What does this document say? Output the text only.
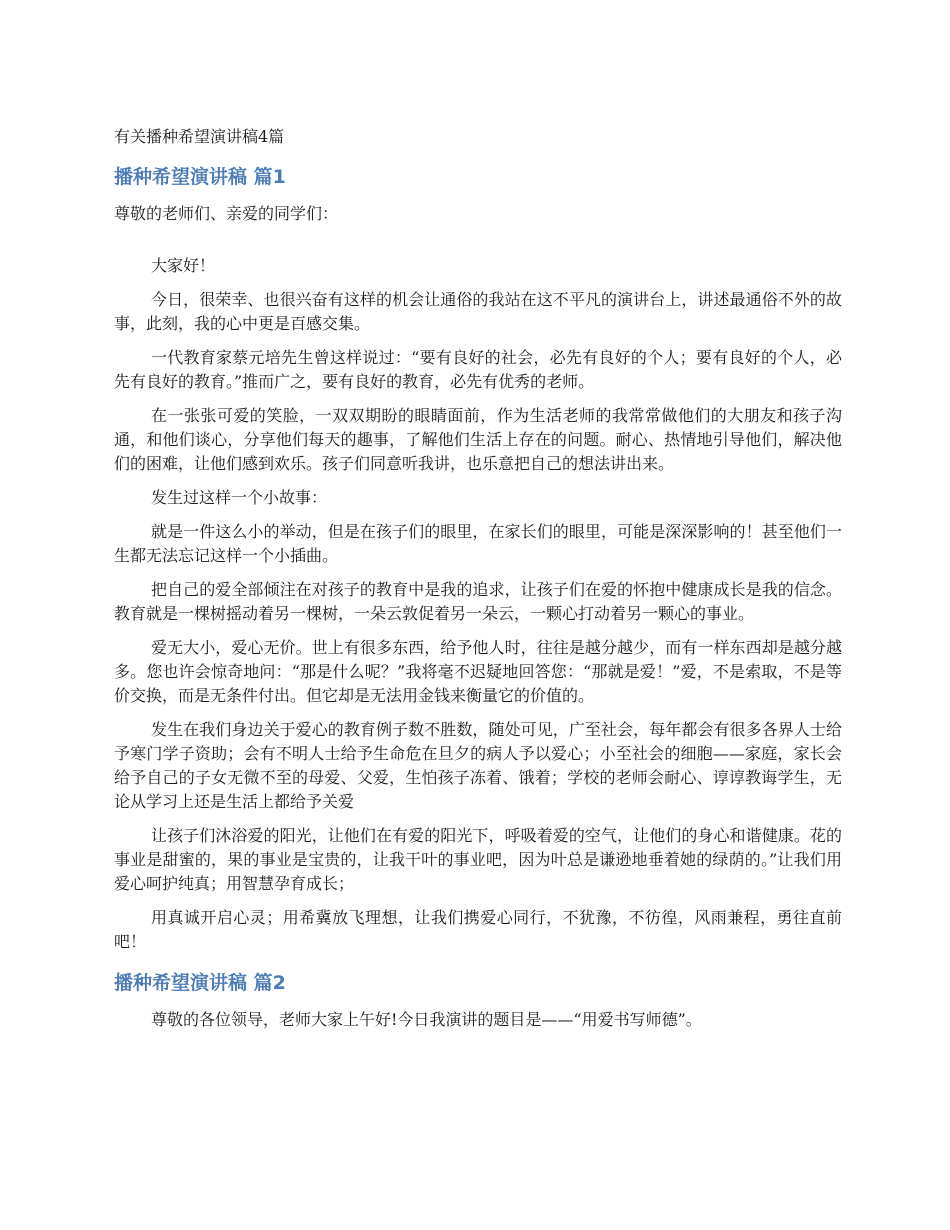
有关播种希望演讲稿4篇
播种希望演讲稿 篇1

尊敬的老师们、亲爱的同学们：

大家好！

今日，很荣幸、也很兴奋有这样的机会让通俗的我站在这不平凡的演讲台上，讲述最通俗不外的故事，此刻，我的心中更是百感交集。

一代教育家蔡元培先生曾这样说过：“要有良好的社会，必先有良好的个人；要有良好的个人，必先有良好的教育。”推而广之，要有良好的教育，必先有优秀的老师。

在一张张可爱的笑脸，一双双期盼的眼睛面前，作为生活老师的我常常做他们的大朋友和孩子沟通，和他们谈心，分享他们每天的趣事，了解他们生活上存在的问题。耐心、热情地引导他们，解决他们的困难，让他们感到欢乐。孩子们同意听我讲，也乐意把自己的想法讲出来。

发生过这样一个小故事：

就是一件这么小的举动，但是在孩子们的眼里，在家长们的眼里，可能是深深影响的！甚至他们一生都无法忘记这样一个小插曲。

把自己的爱全部倾注在对孩子的教育中是我的追求，让孩子们在爱的怀抱中健康成长是我的信念。教育就是一棵树摇动着另一棵树，一朵云敦促着另一朵云，一颗心打动着另一颗心的事业。

爱无大小，爱心无价。世上有很多东西，给予他人时，往往是越分越少，而有一样东西却是越分越多。您也许会惊奇地问：“那是什么呢？”我将毫不迟疑地回答您：“那就是爱！”爱，不是索取，不是等价交换，而是无条件付出。但它却是无法用金钱来衡量它的价值的。

发生在我们身边关于爱心的教育例子数不胜数，随处可见，广至社会，每年都会有很多各界人士给予寒门学子资助；会有不明人士给予生命危在旦夕的病人予以爱心；小至社会的细胞——家庭，家长会给予自己的子女无微不至的母爱、父爱，生怕孩子冻着、饿着；学校的老师会耐心、谆谆教诲学生，无论从学习上还是生活上都给予关爱

让孩子们沐浴爱的阳光，让他们在有爱的阳光下，呼吸着爱的空气，让他们的身心和谐健康。花的事业是甜蜜的，果的事业是宝贵的，让我干叶的事业吧，因为叶总是谦逊地垂着她的绿荫的。”让我们用爱心呵护纯真；用智慧孕育成长；

用真诚开启心灵；用希冀放飞理想，让我们携爱心同行，不犹豫，不彷徨，风雨兼程，勇往直前吧！

播种希望演讲稿 篇2

尊敬的各位领导，老师大家上午好!今日我演讲的题目是——“用爱书写师德”。
